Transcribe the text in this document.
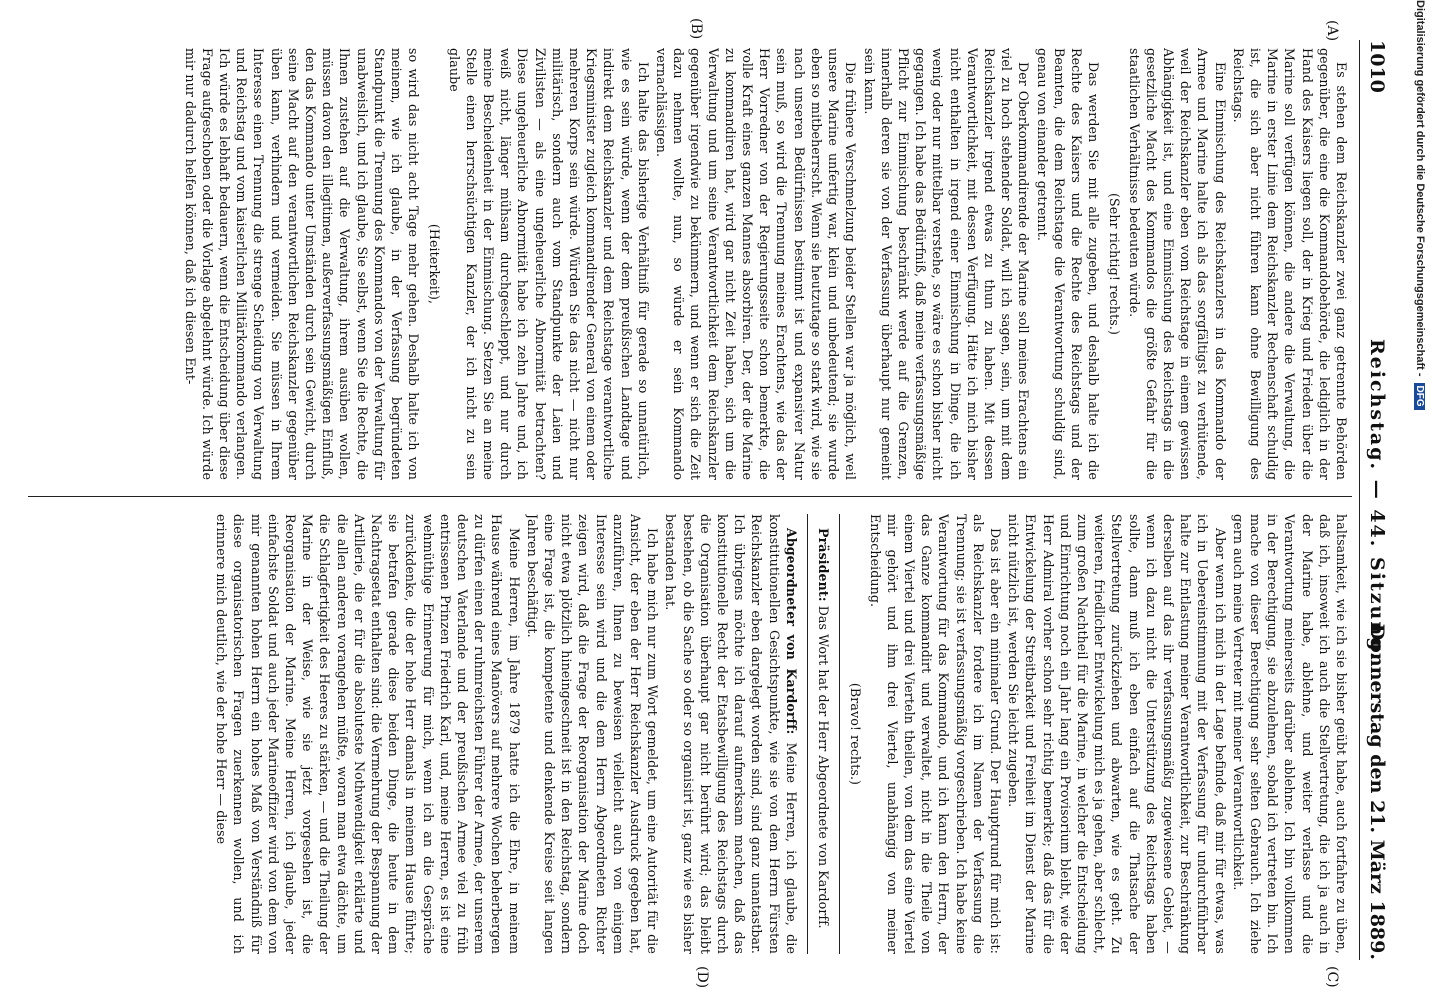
1010
Reichstag. — 44. Sitzung.
Donnerstag den 21. März 1889.
(A)
(B)
(C)
(D)

Es stehen dem Reichskanzler zwei ganz getrennte Behörden gegenüber, die eine die Kommandobehörde, die lediglich in der Hand des Kaisers liegen soll, der in Krieg und Frieden über die Marine soll verfügen können, die andere die Verwaltung, die Marine in erster Linie dem Reichskanzler Rechenschaft schuldig ist, die sich aber nicht führen kann ohne Bewilligung des Reichstags.

Eine Einmischung des Reichskanzlers in das Kommando der Armee und Marine halte ich als das sorgfältigst zu verhütende, weil der Reichskanzler eben vom Reichstage in einem gewissen Abhängigkeit ist, und eine Einmischung des Reichstags in die gesetzliche Macht des Kommandos die größte Gefahr für die staatlichen Verhältnisse bedeuten würde.

(Sehr richtig! rechts.)

Das werden Sie mit alle zugeben, und deshalb halte ich die Rechte des Kaisers und die Rechte des Reichstags und der Beamten, die dem Reichstage die Verantwortung schuldig sind, genau von einander getrennt.

Der Oberkommandirende der Marine soll meines Erachtens ein viel zu hoch stehender Soldat, will ich sagen, sein, um mit dem Reichskanzler irgend etwas zu thun zu haben. Mit dessen Verantwortlichkeit, mit dessen Verfügung. Hätte ich mich bisher nicht enthalten in irgend einer Einmischung in Dinge, die ich wenig oder nur mittelbar verstehe, so wäre es schon bisher nicht gegangen. Ich habe das Bedürfniß, daß meine verfassungsmäßige Pflicht zur Einmischung beschränkt werde auf die Grenzen, innerhalb deren sie von der Verfassung überhaupt nur gemeint sein kann.

Die frühere Verschmelzung beider Stellen war ja möglich, weil unsere Marine unfertig war, klein und unbedeutend; sie wurde eben so mitbeherrscht. Wenn sie heutzutage so stark wird, wie sie nach unseren Bedürfnissen bestimmt ist und expansiver Natur sein muß, so wird die Trennung meines Erachtens, wie das der Herr Vorredner von der Regierungsseite schon bemerkte, die volle Kraft eines ganzen Mannes absorbiren. Der, der die Marine zu kommandiren hat, wird gar nicht Zeit haben, sich um die Verwaltung und um seine Verantwortlichkeit dem Reichskanzler gegenüber irgendwie zu bekümmern, und wenn er sich die Zeit dazu nehmen wollte, nun, so würde er sein Kommando vernachlässigen.

Ich halte das bisherige Verhältniß für gerade so unnatürlich, wie es sein würde, wenn der dem preußischen Landtage und indirekt dem Reichskanzler und dem Reichstage verantwortliche Kriegsminister zugleich kommandirender General von einem oder mehreren Korps sein würde. Würden Sie das nicht — nicht nur militärisch, sondern auch vom Standpunkte der Laien und Zivilisten — als eine ungeheuerliche Abnormität betrachten? Diese ungeheuerliche Abnormität habe ich zehn Jahre und, ich weiß nicht, länger mühsam durchgeschleppt, und nur durch meine Bescheidenheit in der Einmischung. Setzen Sie an meine Stelle einen herrschsüchtigen Kanzler, der ich nicht zu sein glaube

(Heiterkeit),

so wird das nicht acht Tage mehr gehen. Deshalb halte ich von meinem, wie ich glaube, in der Verfassung begründeten Standpunkt die Trennung des Kommandos von der Verwaltung für unabweislich, und ich glaube, Sie selbst, wenn Sie die Rechte, die Ihnen zustehen auf die Verwaltung, ihrem ausüben wollen, müssen davon den illegitimen, außerverfassungsmäßigen Einfluß, den das Kommando unter Umständen durch sein Gewicht, durch seine Macht auf den verantwortlichen Reichskanzler gegenüber üben kann, verhindern und vermeiden. Sie müssen in Ihrem Interesse einen Trennung die strenge Scheidung von Verwaltung und Reichstag und vom kaiserlichen Militärkommando verlangen. Ich würde es lebhaft bedauern, wenn die Entscheidung über diese Frage aufgeschoben oder die Vorlage abgelehnt würde. Ich würde mir nur dadurch helfen können, daß ich diesen Ent-

haltsamkeit, wie ich sie bisher geübt habe, auch fortfahre zu üben, daß ich, insoweit ich auch die Stellvertretung, die ich ja auch in der Marine habe, ablehne, und weiter verlasse und die Verantwortung meinerseits darüber ablehne. Ich bin vollkommen in der Berechtigung, sie abzulehnen, sobald ich vertreten bin. Ich mache von dieser Berechtigung sehr selten Gebrauch. Ich ziehe gern auch meine Vertreter mit meiner Verantwortlichkeit.

Aber wenn ich mich in der Lage befinde, daß mir für etwas, was ich in Uebereinstimmung mit der Verfassung für undurchführbar halte zur Entlastung meiner Verantwortlichkeit, zur Beschränkung derselben auf das ihr verfassungsmäßig zugewiesene Gebiet, — wenn ich dazu nicht die Unterstützung des Reichstags haben sollte, dann muß ich eben einfach auf die Thatsache der Stellvertretung zurückziehen und abwarten, wie es geht. Zu weiteren, friedlicher Entwickelung mich es ja gehen, aber schlecht, zum großen Nachtheil für die Marine, in welcher die Entscheidung und Einrichtung noch ein Jahr lang ein Provisorium bleibt, wie der Herr Admiral vorher schon sehr richtig bemerkte; daß das für die Entwickelung der Streitbarkeit und Freiheit im Dienst der Marine nicht nützlich ist, werden Sie leicht zugeben.

Das ist aber ein minimaler Grund. Der Hauptgrund für mich ist: als Reichskanzler fordere ich im Namen der Verfassung die Trennung; sie ist verfassungsmäßig vorgeschrieben. Ich habe keine Verantwortung für das Kommando, und ich kann den Herrn, der das Ganze kommandirt und verwaltet, nicht in die Theile von einem Viertel und drei Vierteln theilen, von dem das eine Viertel mir gehört und ihm drei Viertel, unabhängig von meiner Entscheidung.

(Bravo! rechts.)

Präsident: Das Wort hat der Herr Abgeordnete von Kardorff.

Abgeordneter von Kardorff: Meine Herren, ich glaube, die konstitutionellen Gesichtspunkte, wie sie von dem Herrn Fürsten Reichskanzler eben dargelegt worden sind, sind ganz unantastbar. Ich übrigens möchte ich darauf aufmerksam machen, daß das konstitutionelle Recht der Etatsbewilligung des Reichstags durch die Organisation überhaupt gar nicht berührt wird; das bleibt bestehen, ob die Sache so oder so organisirt ist, ganz wie es bisher bestanden hat.

Ich habe mich nur zum Wort gemeldet, um eine Autorität für die Ansicht, der eben der Herr Reichskanzler Ausdruck gegeben hat, anzuführen, Ihnen zu beweisen vielleicht auch von einigem Interesse sein wird und die dem Herrn Abgeordneten Richter zeigen wird, daß die Frage der Reorganisation der Marine doch nicht etwa plötzlich hineingeschneit ist in den Reichstag, sondern eine Frage ist, die kompetente und denkende Kreise seit langen Jahren beschäftigt.

Meine Herren, im Jahre 1879 hatte ich die Ehre, in meinem Hause während eines Manövers auf mehrere Wochen beherbergen zu dürfen einen der ruhmreichsten Führer der Armee, der unserem deutschen Vaterlande und der preußischen Armee viel zu früh entrissenen Prinzen Friedrich Karl, und, meine Herren, es ist eine wehmüthige Erinnerung für mich, wenn ich an die Gespräche zurückdenke, die der hohe Herr damals in meinem Hause führte; sie betrafen gerade diese beiden Dinge, die heute in dem Nachtragsetat enthalten sind: die Vermehrung der Bespannung der Artillerie, die er für die absoluteste Nothwendigkeit erklärte und die allen anderen vorangehen müßte, woran man etwa dächte, um die Schlagfertigkeit des Heeres zu stärken, — und die Theilung der Marine in der Weise, wie sie jetzt vorgesehen ist, die Reorganisation der Marine. Meine Herren, ich glaube, jeder einfachste Soldat und auch jeder Marineoffizier wird von dem von mir genannten hohen Herrn ein hohes Maß von Verständniß für diese organisatorischen Fragen zuerkennen wollen, und ich erinnere mich deutlich, wie der hohe Herr — diese

Digitalisierung gefördert durch die Deutsche Forschungsgemeinschaft -DFG
